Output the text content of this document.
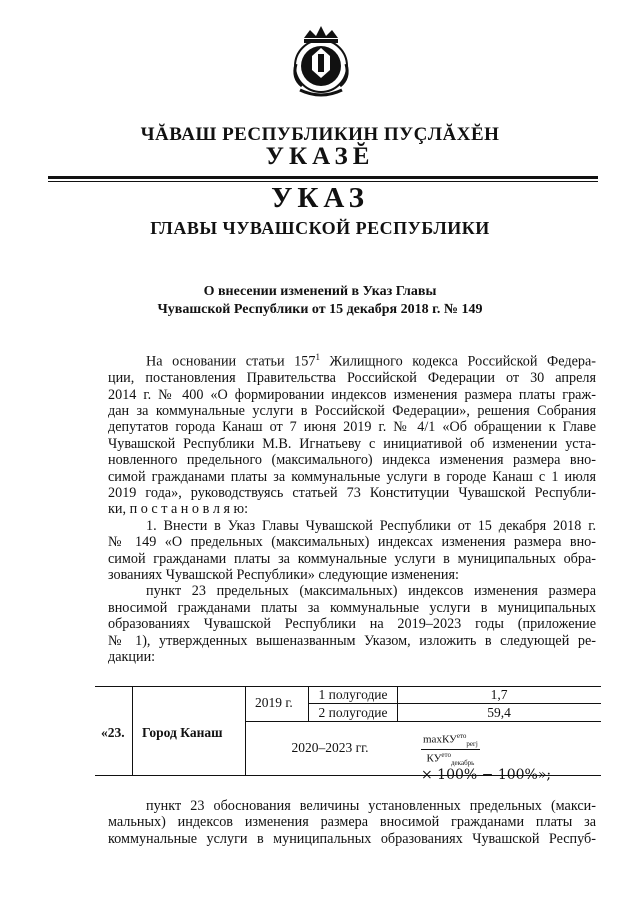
ЧĂВАШ РЕСПУБЛИКИН ПУÇЛĂХĔН
УКАЗĔ
УКАЗ
ГЛАВЫ ЧУВАШСКОЙ РЕСПУБЛИКИ
О внесении изменений в Указ Главы
Чувашской Республики от 15 декабря 2018 г. № 149
На основании статьи $157^1$ Жилищного кодекса Российской Федера-
ции, постановления Правительства Российской Федерации от 30 апреля
2014 г. № 400 «О формировании индексов изменения размера платы граж-
дан за коммунальные услуги в Российской Федерации», решения Собрания
депутатов города Канаш от 7 июня 2019 г. № 4/1 «Об обращении к Главе
Чувашской Республики М.В. Игнатьеву с инициативой об изменении уста-
новленного предельного (максимального) индекса изменения размера вно-
симой гражданами платы за коммунальные услуги в городе Канаш с 1 июля
2019 года», руководствуясь статьей 73 Конституции Чувашской Республи-
ки, п о с т а н о в л я ю:
1. Внести в Указ Главы Чувашской Республики от 15 декабря 2018 г.
№ 149 «О предельных (максимальных) индексах изменения размера вно-
симой гражданами платы за коммунальные услуги в муниципальных обра-
зованиях Чувашской Республики» следующие изменения:
пункт 23 предельных (максимальных) индексов изменения размера
вносимой гражданами платы за коммунальные услуги в муниципальных
образованиях Чувашской Республики на 2019–2023 годы (приложение
№ 1), утвержденных вышеназванным Указом, изложить в следующей ре-
дакции:
«23. Город Канаш
2019 г.
1 полугодие
2 полугодие
1,7
59,4
2020–2023 гг.	$\frac{\max КУ^{eто}_{peгj}}{КУ^{eто}_{декабрь}}$
× 100% − 100%»;
пункт 23 обоснования величины установленных предельных (макси-
мальных) индексов изменения размера вносимой гражданами платы за
коммунальные услуги в муниципальных образованиях Чувашской Респуб-
